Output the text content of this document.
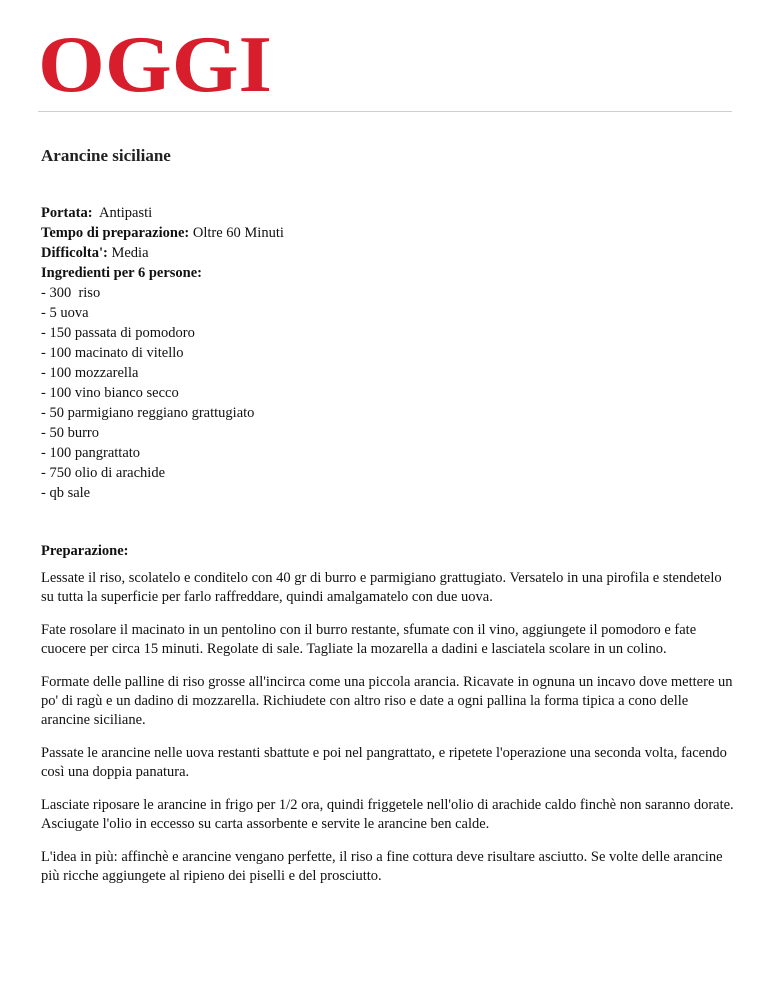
OGGI
Arancine siciliane
Portata: Antipasti
Tempo di preparazione: Oltre 60 Minuti
Difficolta': Media
Ingredienti per 6 persone:
- 300  riso
- 5 uova
- 150 passata di pomodoro
- 100 macinato di vitello
- 100 mozzarella
- 100 vino bianco secco
- 50 parmigiano reggiano grattugiato
- 50 burro
- 100 pangrattato
- 750 olio di arachide
- qb sale
Preparazione:

Lessate il riso, scolatelo e conditelo con 40 gr di burro e parmigiano grattugiato. Versatelo in una pirofila e stendetelo su tutta la superficie per farlo raffreddare, quindi amalgamatelo con due uova.

Fate rosolare il macinato in un pentolino con il burro restante, sfumate con il vino, aggiungete il pomodoro e fate cuocere per circa 15 minuti. Regolate di sale. Tagliate la mozarella a dadini e lasciatela scolare in un colino.

Formate delle palline di riso grosse all'incirca come una piccola arancia. Ricavate in ognuna un incavo dove mettere un po' di ragù e un dadino di mozzarella. Richiudete con altro riso e date a ogni pallina la forma tipica a cono delle arancine siciliane.

Passate le arancine nelle uova restanti sbattute e poi nel pangrattato, e ripetete l'operazione una seconda volta, facendo così una doppia panatura.

Lasciate riposare le arancine in frigo per 1/2 ora, quindi friggetele nell'olio di arachide caldo finchè non saranno dorate. Asciugate l'olio in eccesso su carta assorbente e servite le arancine ben calde.

L'idea in più: affinchè e arancine vengano perfette, il riso a fine cottura deve risultare asciutto. Se volte delle arancine più ricche aggiungete al ripieno dei piselli e del prosciutto.
